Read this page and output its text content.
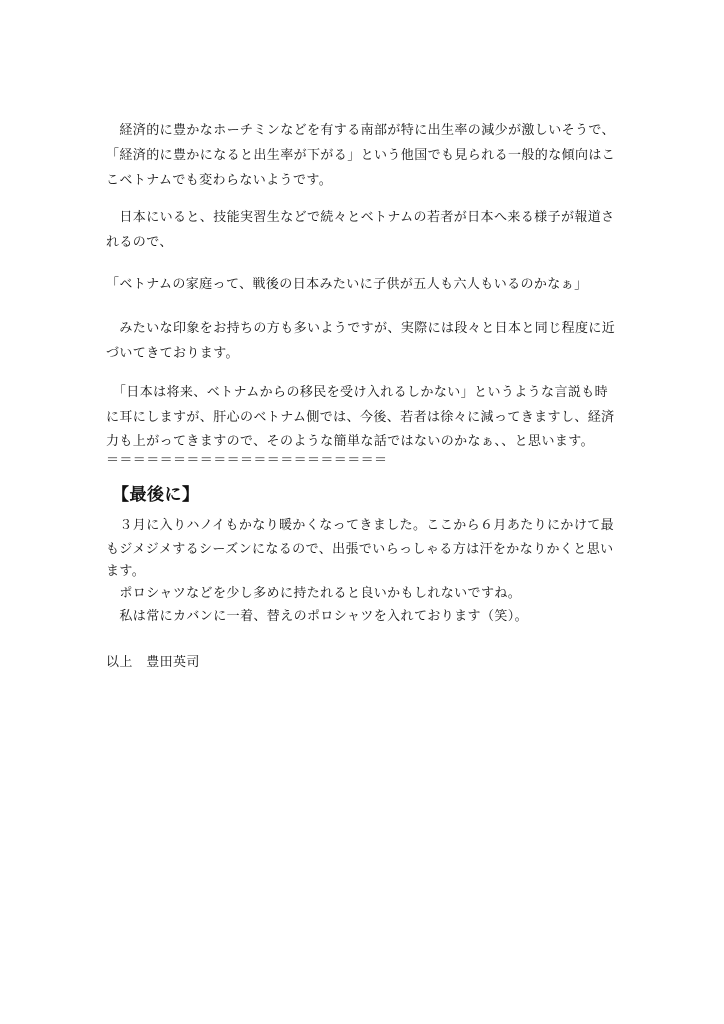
　経済的に豊かなホーチミンなどを有する南部が特に出生率の減少が激しいそうで、
「経済的に豊かになると出生率が下がる」という他国でも見られる一般的な傾向はこ
こベトナムでも変わらないようです。
　日本にいると、技能実習生などで続々とベトナムの若者が日本へ来る様子が報道さ
れるので、
「ベトナムの家庭って、戦後の日本みたいに子供が五人も六人もいるのかなぁ」
　みたいな印象をお持ちの方も多いようですが、実際には段々と日本と同じ程度に近
づいてきております。
　「日本は将来、ベトナムからの移民を受け入れるしかない」というような言説も時
に耳にしますが、肝心のベトナム側では、今後、若者は徐々に減ってきますし、経済
力も上がってきますので、そのような簡単な話ではないのかなぁ、、と思います。
＝＝＝＝＝＝＝＝＝＝＝＝＝＝＝＝＝＝＝＝＝
【最後に】
　３月に入りハノイもかなり暖かくなってきました。ここから６月あたりにかけて最
もジメジメするシーズンになるので、出張でいらっしゃる方は汗をかなりかくと思い
ます。
　ポロシャツなどを少し多めに持たれると良いかもしれないですね。
　私は常にカバンに一着、替えのポロシャツを入れております（笑）。
以上　豊田英司
